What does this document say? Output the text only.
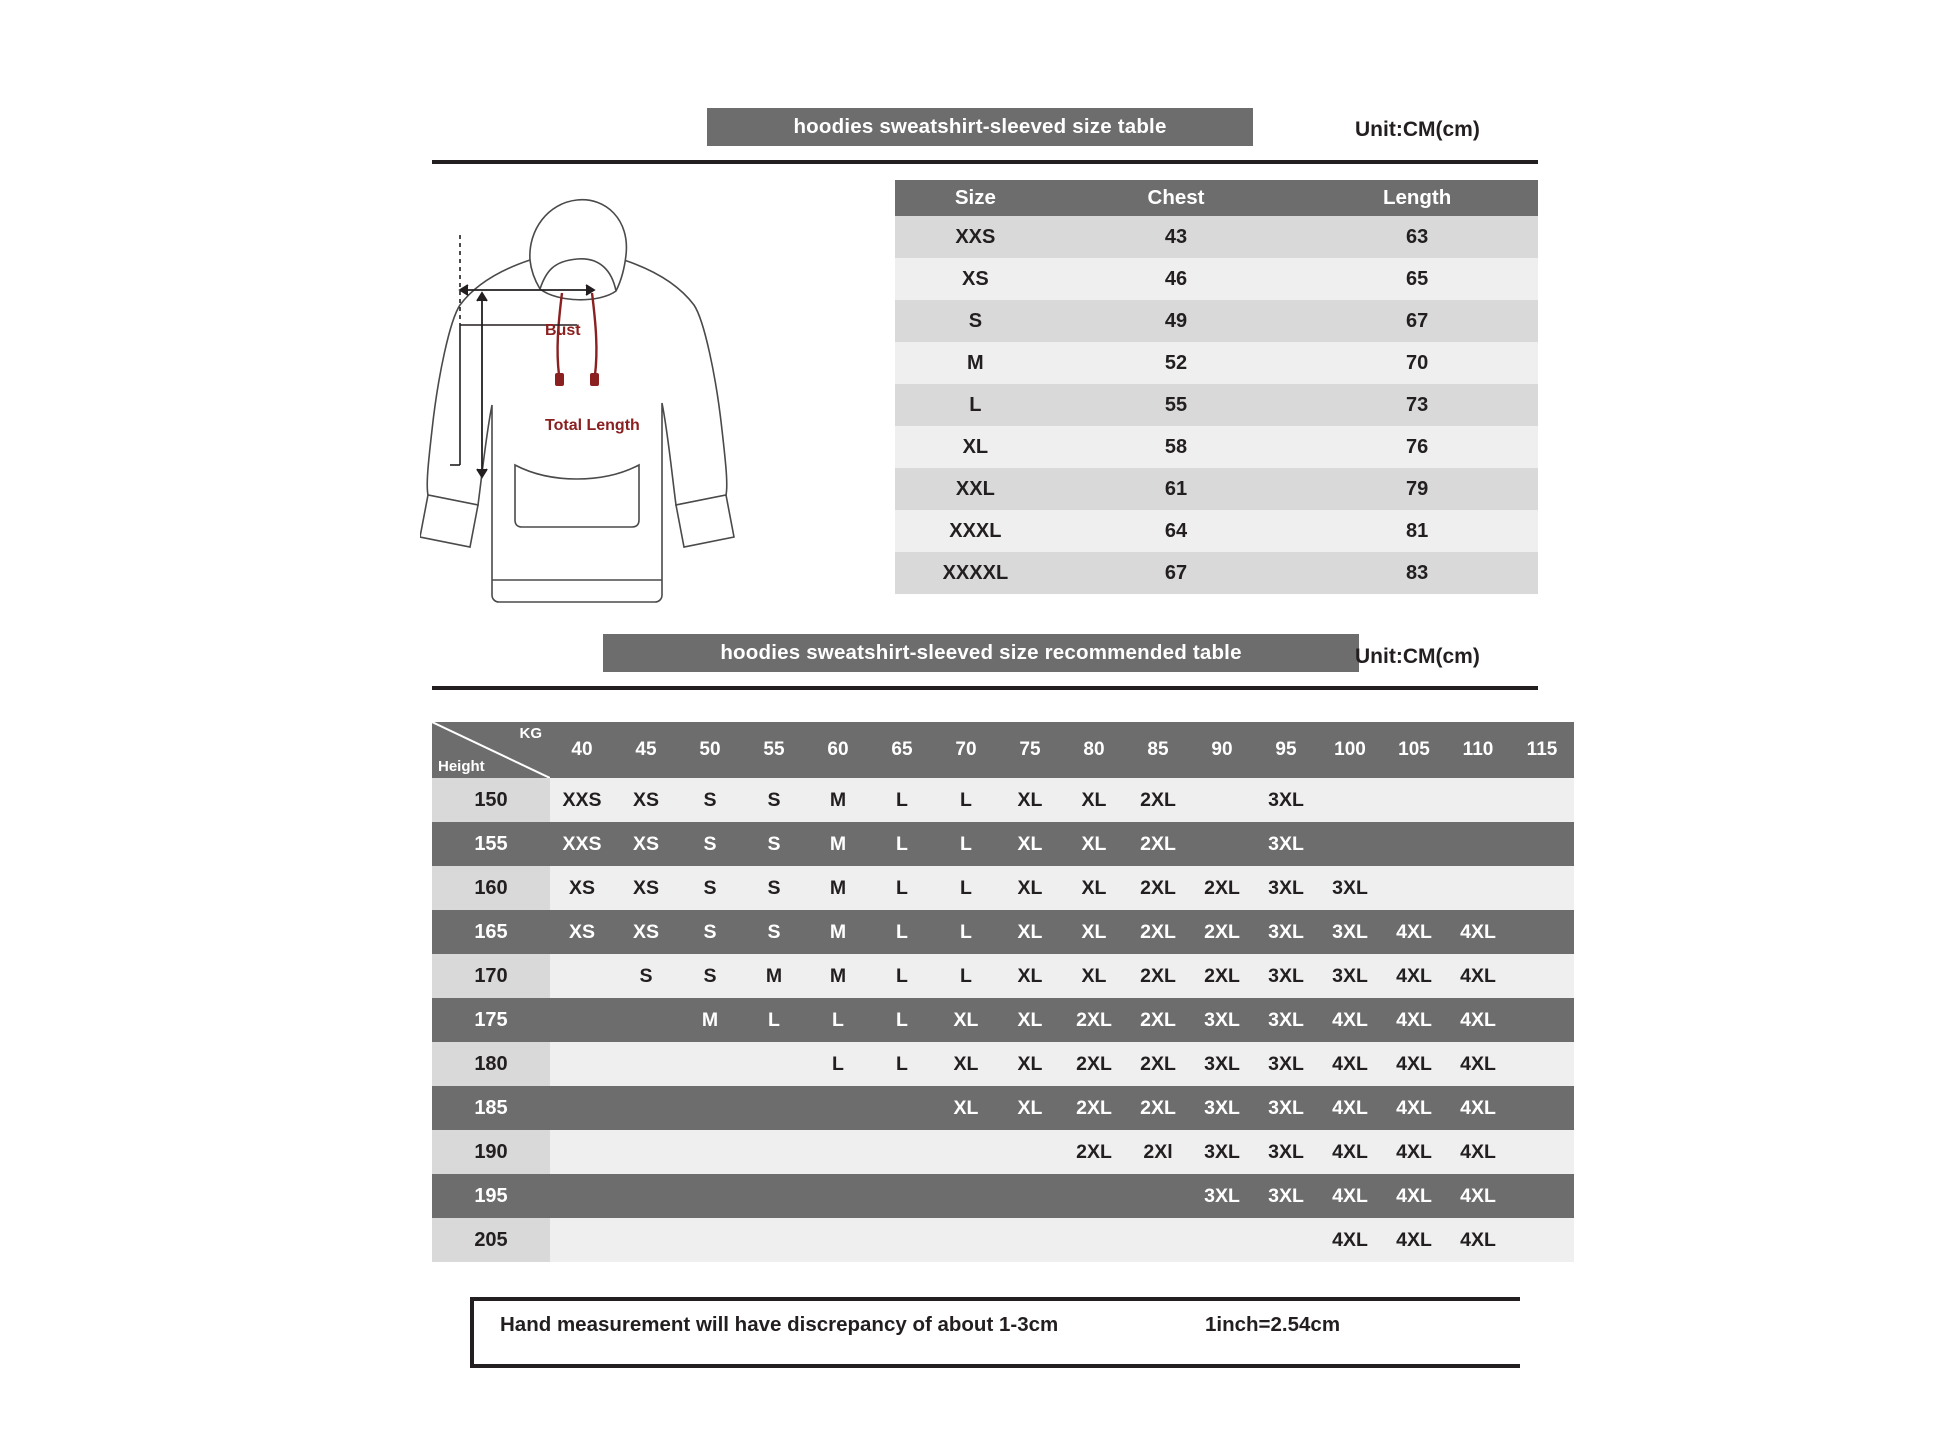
hoodies sweatshirt-sleeved size table	Unit:CM(cm)
Bust
Total Length
Size	Chest	Length
XXS	43	63
XS	46	65
S	49	67
M	52	70
L	55	73
XL	58	76
XXL	61	79
XXXL	64	81
XXXXL	67	83
hoodies sweatshirt-sleeved size recommended table	Unit:CM(cm)
KG
Height	40	45	50	55	60	65	70	75	80	85	90	95	100	105	110	115
150	XXS	XS	S	S	M	L	L	XL	XL	2XL		3XL				
155	XXS	XS	S	S	M	L	L	XL	XL	2XL		3XL				
160	XS	XS	S	S	M	L	L	XL	XL	2XL	2XL	3XL	3XL			
165	XS	XS	S	S	M	L	L	XL	XL	2XL	2XL	3XL	3XL	4XL	4XL	
170		S	S	M	M	L	L	XL	XL	2XL	2XL	3XL	3XL	4XL	4XL	
175			M	L	L	L	XL	XL	2XL	2XL	3XL	3XL	4XL	4XL	4XL	
180					L	L	XL	XL	2XL	2XL	3XL	3XL	4XL	4XL	4XL	
185							XL	XL	2XL	2XL	3XL	3XL	4XL	4XL	4XL	
190									2XL	2Xl	3XL	3XL	4XL	4XL	4XL	
195											3XL	3XL	4XL	4XL	4XL	
205													4XL	4XL	4XL	
Hand measurement will have discrepancy of about 1-3cm	1inch=2.54cm
